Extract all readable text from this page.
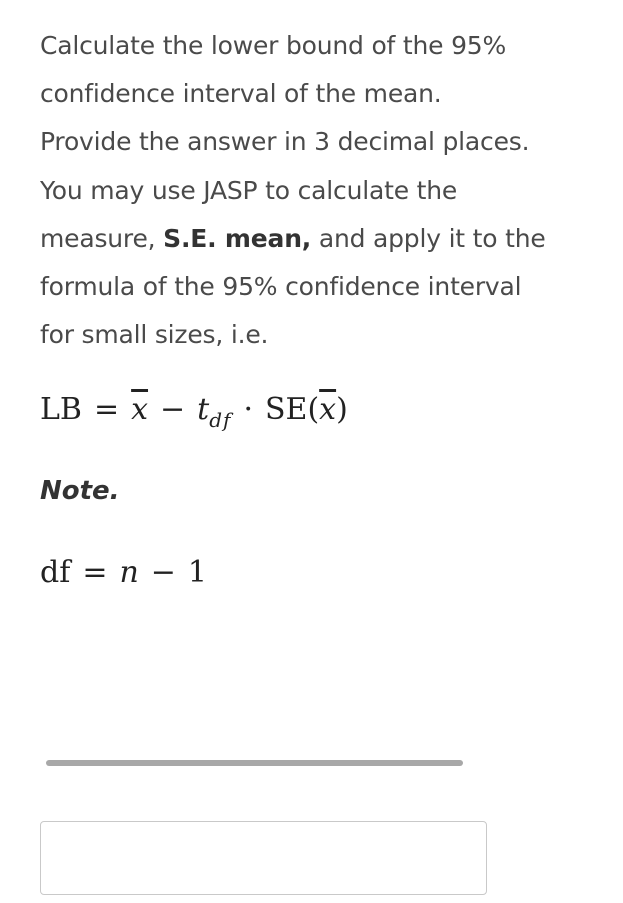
Calculate the lower bound of the 95%
confidence interval of the mean.
Provide the answer in 3 decimal places.
You may use JASP to calculate the
measure, S.E. mean, and apply it to the
formula of the 95% confidence interval
for small sizes, i.e.
LB = $\overline{x} - t_{df} \cdot SE(\overline{x})$
Note.
df = n − 1
